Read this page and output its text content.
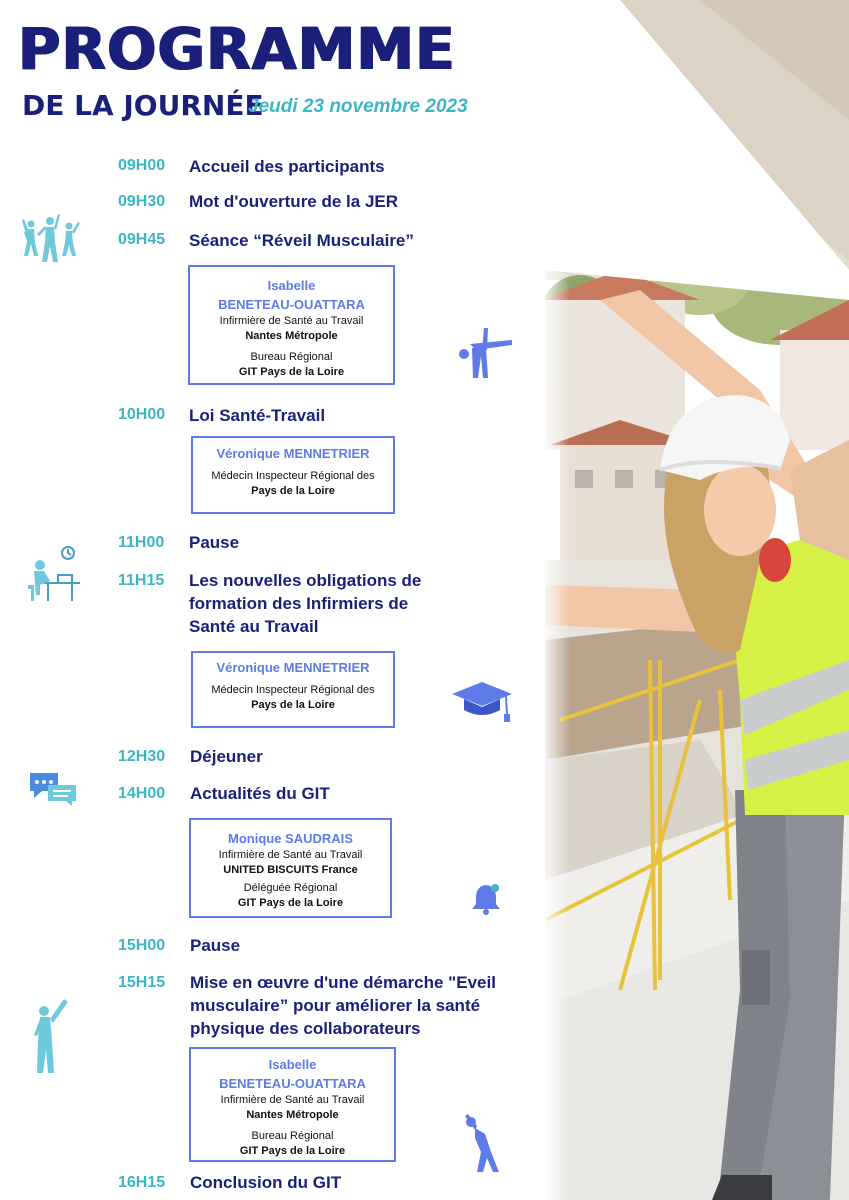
PROGRAMME
DE LA JOURNÉE
Jeudi 23 novembre 2023
09H00 Accueil des participants
09H30 Mot d'ouverture de la JER
09H45 Séance “Réveil Musculaire”
Isabelle
BENETEAU-OUATTARA
Infirmière de Santé au Travail
Nantes Métropole
Bureau Régional
GIT Pays de la Loire
10H00 Loi Santé-Travail
Véronique MENNETRIER
Médecin Inspecteur Régional des
Pays de la Loire
11H00 Pause
11H15 Les nouvelles obligations de
formation des Infirmiers de
Santé au Travail
Véronique MENNETRIER
Médecin Inspecteur Régional des
Pays de la Loire
12H30 Déjeuner
14H00 Actualités du GIT
Monique SAUDRAIS
Infirmière de Santé au Travail
UNITED BISCUITS France
Déléguée Régional
GIT Pays de la Loire
15H00 Pause
15H15 Mise en œuvre d'une démarche "Eveil
musculaire” pour améliorer la santé
physique des collaborateurs
Isabelle
BENETEAU-OUATTARA
Infirmière de Santé au Travail
Nantes Métropole
Bureau Régional
GIT Pays de la Loire
16H15 Conclusion du GIT
